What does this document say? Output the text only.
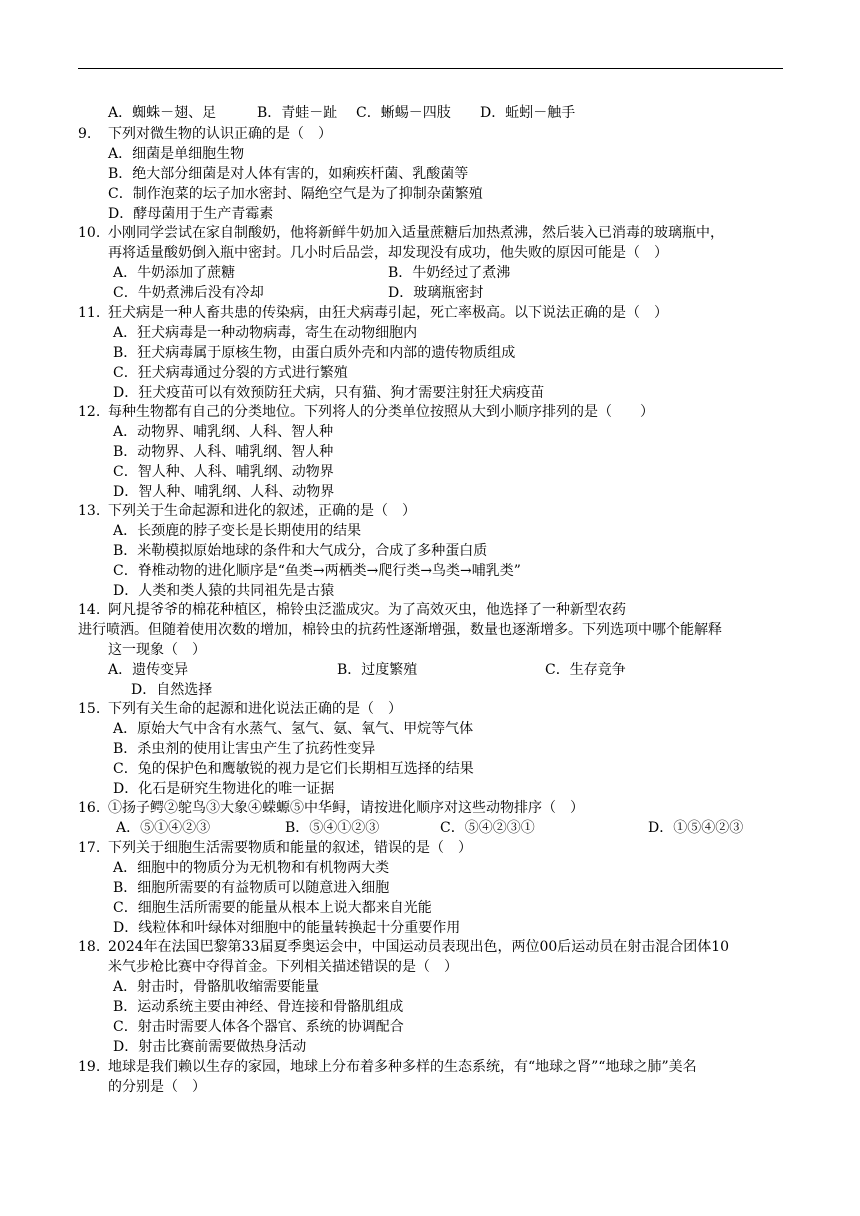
A．蜘蛛－翅、足	B．青蛙－趾 C．蜥蜴－四肢 D．蚯蚓－触手
9. 下列对微生物的认识正确的是（　）
A．细菌是单细胞生物
B．绝大部分细菌是对人体有害的，如痢疾杆菌、乳酸菌等
C．制作泡菜的坛子加水密封、隔绝空气是为了抑制杂菌繁殖
D．酵母菌用于生产青霉素
10. 小刚同学尝试在家自制酸奶，他将新鲜牛奶加入适量蔗糖后加热煮沸，然后装入已消毒的玻璃瓶中，
再将适量酸奶倒入瓶中密封。几小时后品尝，却发现没有成功，他失败的原因可能是（　）
A．牛奶添加了蔗糖	B．牛奶经过了煮沸
C．牛奶煮沸后没有冷却	D．玻璃瓶密封
11. 狂犬病是一种人畜共患的传染病，由狂犬病毒引起，死亡率极高。以下说法正确的是（　）
A．狂犬病毒是一种动物病毒，寄生在动物细胞内
B．狂犬病毒属于原核生物，由蛋白质外壳和内部的遗传物质组成
C．狂犬病毒通过分裂的方式进行繁殖
D．狂犬疫苗可以有效预防狂犬病，只有猫、狗才需要注射狂犬病疫苗
12. 每种生物都有自己的分类地位。下列将人的分类单位按照从大到小顺序排列的是（　　）
A．动物界、哺乳纲、人科、智人种
B．动物界、人科、哺乳纲、智人种
C．智人种、人科、哺乳纲、动物界
D．智人种、哺乳纲、人科、动物界
13. 下列关于生命起源和进化的叙述，正确的是（　）
A．长颈鹿的脖子变长是长期使用的结果
B．米勒模拟原始地球的条件和大气成分，合成了多种蛋白质
C．脊椎动物的进化顺序是“鱼类→两栖类→爬行类→鸟类→哺乳类”
D．人类和类人猿的共同祖先是古猿
14. 阿凡提爷爷的棉花种植区，棉铃虫泛滥成灾。为了高效灭虫，他选择了一种新型农药
进行喷洒。但随着使用次数的增加，棉铃虫的抗药性逐渐增强，数量也逐渐增多。下列选项中哪个能解释
这一现象（　）
A．遗传变异	B．过度繁殖	C．生存竞争
D．自然选择
15. 下列有关生命的起源和进化说法正确的是（　）
A．原始大气中含有水蒸气、氢气、氨、氧气、甲烷等气体
B．杀虫剂的使用让害虫产生了抗药性变异
C．兔的保护色和鹰敏锐的视力是它们长期相互选择的结果
D．化石是研究生物进化的唯一证据
16. ①扬子鳄②鸵鸟③大象④蝾螈⑤中华鲟，请按进化顺序对这些动物排序（　）
A．⑤①④②③	B．⑤④①②③	C．⑤④②③①	D．①⑤④②③
17. 下列关于细胞生活需要物质和能量的叙述，错误的是（　）
A．细胞中的物质分为无机物和有机物两大类
B．细胞所需要的有益物质可以随意进入细胞
C．细胞生活所需要的能量从根本上说大都来自光能
D．线粒体和叶绿体对细胞中的能量转换起十分重要作用
18. 2024年在法国巴黎第33届夏季奥运会中，中国运动员表现出色，两位00后运动员在射击混合团体10
米气步枪比赛中夺得首金。下列相关描述错误的是（　）
A．射击时，骨骼肌收缩需要能量
B．运动系统主要由神经、骨连接和骨骼肌组成
C．射击时需要人体各个器官、系统的协调配合
D．射击比赛前需要做热身活动
19. 地球是我们赖以生存的家园，地球上分布着多种多样的生态系统，有“地球之肾”“地球之肺”美名
的分别是（　）
